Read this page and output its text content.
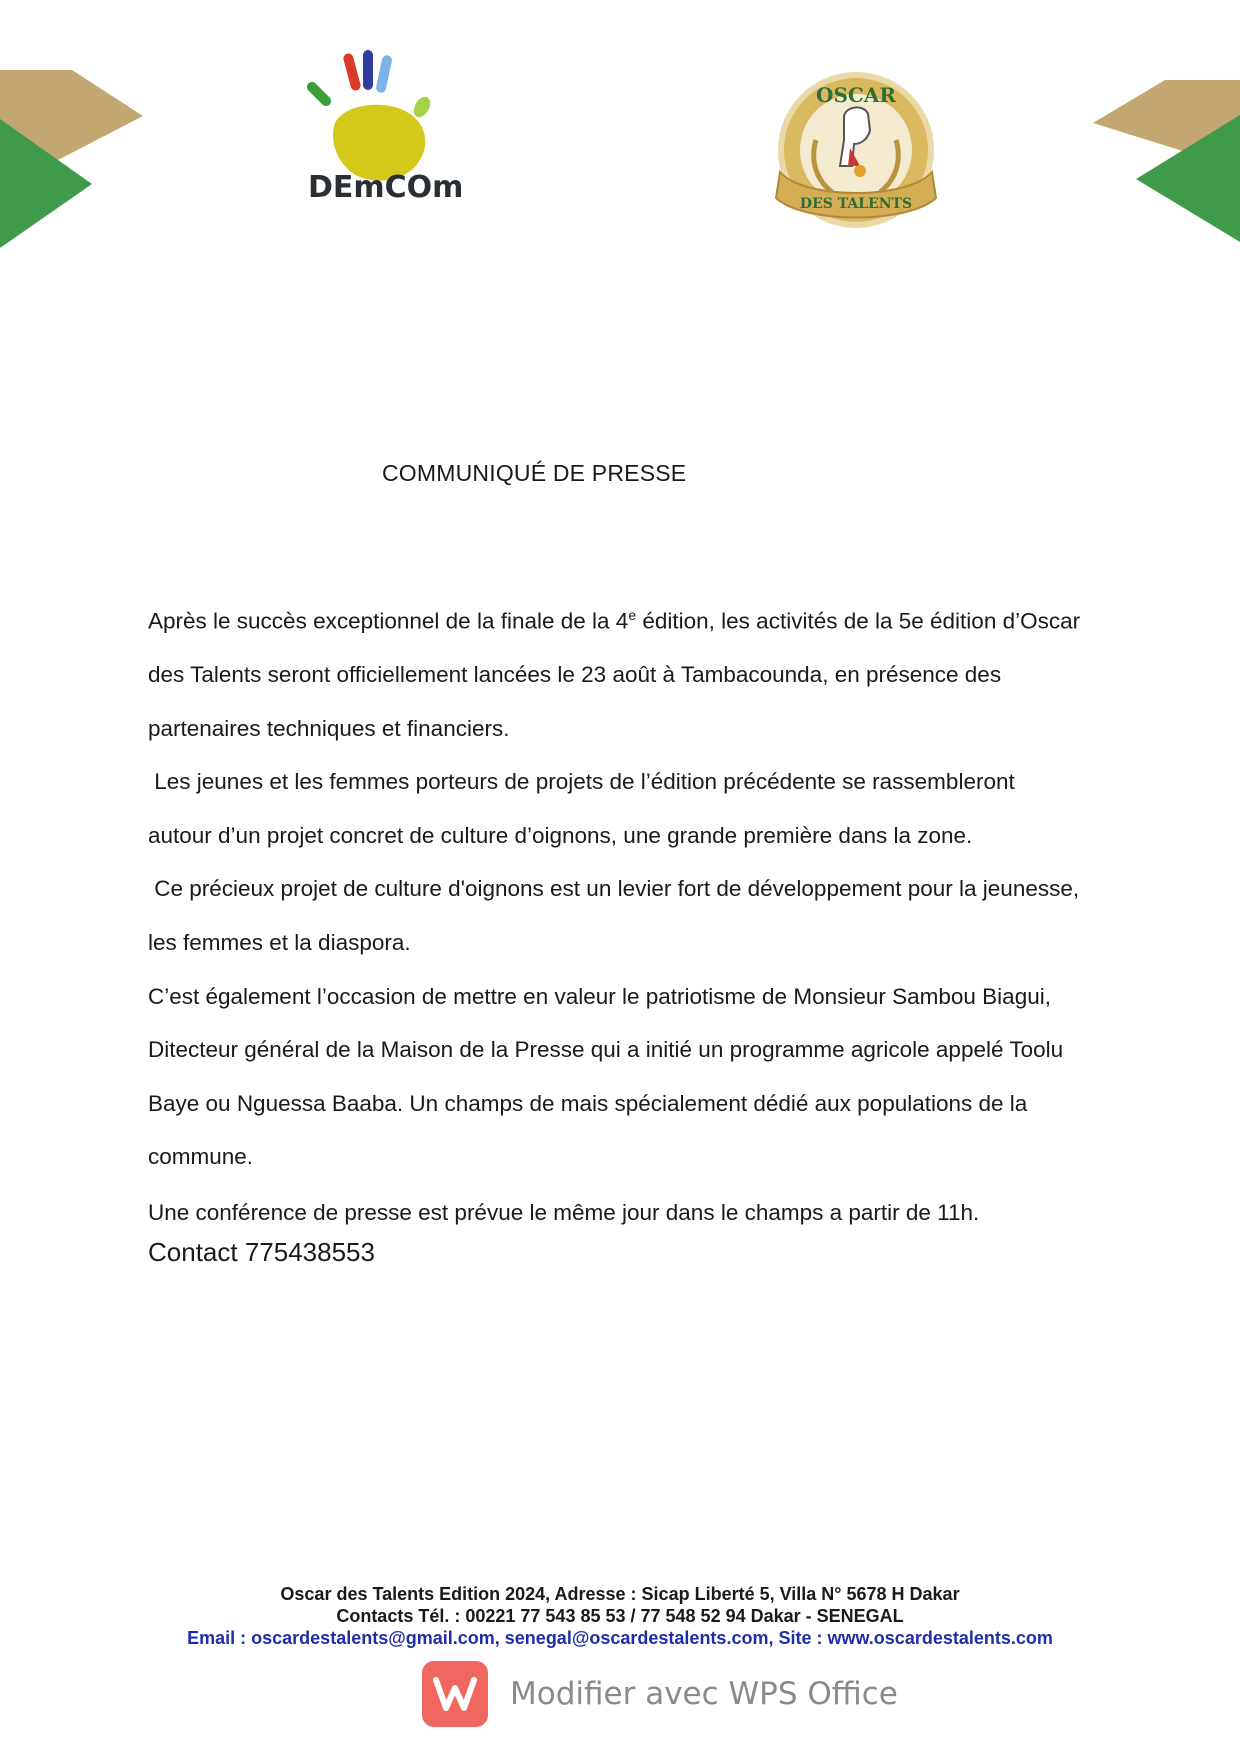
DEmCOm
OSCAR
DES TALENTS
COMMUNIQUÉ DE PRESSE

Après le succès exceptionnel de la finale de la 4e édition, les activités de la 5e édition d’Oscar

des Talents seront officiellement lancées le 23 août à Tambacounda, en présence des

partenaires techniques et financiers.

Les jeunes et les femmes porteurs de projets de l’édition précédente se rassembleront

autour d’un projet concret de culture d’oignons, une grande première dans la zone.

Ce précieux projet de culture d'oignons est un levier fort de développement pour la jeunesse,

les femmes et la diaspora.

C’est également l’occasion de mettre en valeur le patriotisme de Monsieur Sambou Biagui,

Ditecteur général de la Maison de la Presse qui a initié un programme agricole appelé Toolu

Baye ou Nguessa Baaba. Un champs de mais spécialement dédié aux populations de la

commune.

Une conférence de presse est prévue le même jour dans le champs a partir de 11h.

Contact 775438553
Oscar des Talents Edition 2024, Adresse : Sicap Liberté 5, Villa N° 5678 H Dakar
Contacts Tél. : 00221 77 543 85 53 / 77 548 52 94 Dakar - SENEGAL
Email : oscardestalents@gmail.com, senegal@oscardestalents.com, Site : www.oscardestalents.com
Modifier avec WPS Office
